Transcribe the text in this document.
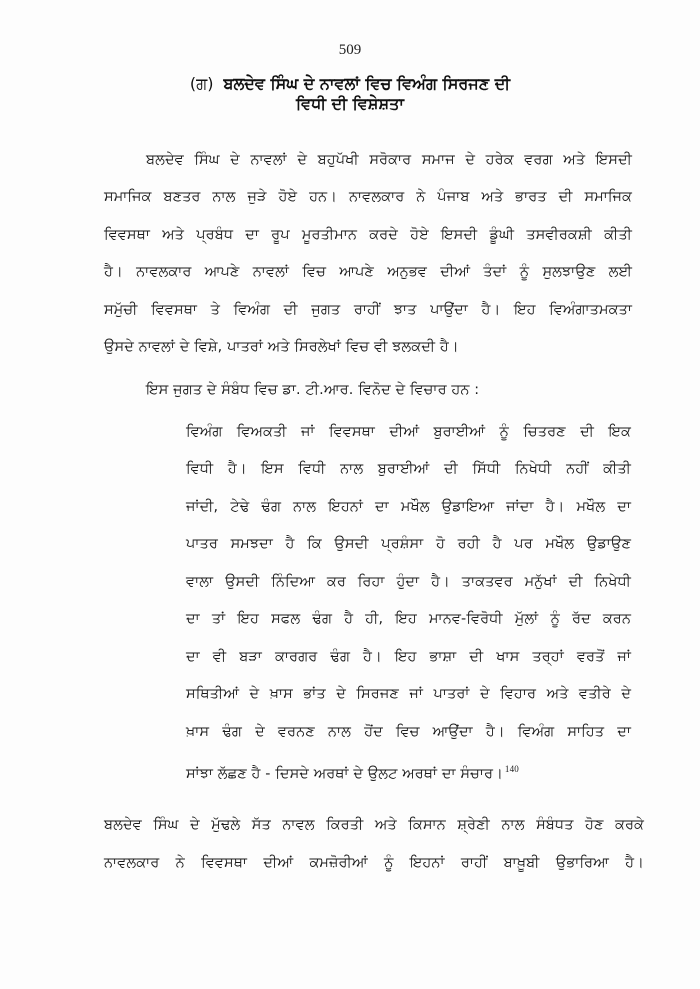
509
(ਗ) ਬਲਦੇਵ ਸਿੰਘ ਦੇ ਨਾਵਲਾਂ ਵਿਚ ਵਿਅੰਗ ਸਿਰਜਣ ਦੀ
ਵਿਧੀ ਦੀ ਵਿਸ਼ੇਸ਼ਤਾ
ਬਲਦੇਵ ਸਿੰਘ ਦੇ ਨਾਵਲਾਂ ਦੇ ਬਹੁਪੱਖੀ ਸਰੋਕਾਰ ਸਮਾਜ ਦੇ ਹਰੇਕ ਵਰਗ ਅਤੇ ਇਸਦੀ
ਸਮਾਜਿਕ ਬਣਤਰ ਨਾਲ ਜੁੜੇ ਹੋਏ ਹਨ। ਨਾਵਲਕਾਰ ਨੇ ਪੰਜਾਬ ਅਤੇ ਭਾਰਤ ਦੀ ਸਮਾਜਿਕ
ਵਿਵਸਥਾ ਅਤੇ ਪ੍ਰਬੰਧ ਦਾ ਰੂਪ ਮੂਰਤੀਮਾਨ ਕਰਦੇ ਹੋਏ ਇਸਦੀ ਡੂੰਘੀ ਤਸਵੀਰਕਸ਼ੀ ਕੀਤੀ
ਹੈ। ਨਾਵਲਕਾਰ ਆਪਣੇ ਨਾਵਲਾਂ ਵਿਚ ਆਪਣੇ ਅਨੁਭਵ ਦੀਆਂ ਤੰਦਾਂ ਨੂੰ ਸੁਲਝਾਉਣ ਲਈ
ਸਮੁੱਚੀ ਵਿਵਸਥਾ ਤੇ ਵਿਅੰਗ ਦੀ ਜੁਗਤ ਰਾਹੀਂ ਝਾਤ ਪਾਉਂਦਾ ਹੈ। ਇਹ ਵਿਅੰਗਾਤਮਕਤਾ
ਉਸਦੇ ਨਾਵਲਾਂ ਦੇ ਵਿਸ਼ੇ, ਪਾਤਰਾਂ ਅਤੇ ਸਿਰਲੇਖਾਂ ਵਿਚ ਵੀ ਝਲਕਦੀ ਹੈ।
ਇਸ ਜੁਗਤ ਦੇ ਸੰਬੰਧ ਵਿਚ ਡਾ. ਟੀ.ਆਰ. ਵਿਨੋਦ ਦੇ ਵਿਚਾਰ ਹਨ :
ਵਿਅੰਗ ਵਿਅਕਤੀ ਜਾਂ ਵਿਵਸਥਾ ਦੀਆਂ ਬੁਰਾਈਆਂ ਨੂੰ ਚਿਤਰਣ ਦੀ ਇਕ
ਵਿਧੀ ਹੈ। ਇਸ ਵਿਧੀ ਨਾਲ ਬੁਰਾਈਆਂ ਦੀ ਸਿੱਧੀ ਨਿਖੇਧੀ ਨਹੀਂ ਕੀਤੀ
ਜਾਂਦੀ, ਟੇਢੇ ਢੰਗ ਨਾਲ ਇਹਨਾਂ ਦਾ ਮਖੌਲ ਉਡਾਇਆ ਜਾਂਦਾ ਹੈ। ਮਖੌਲ ਦਾ
ਪਾਤਰ ਸਮਝਦਾ ਹੈ ਕਿ ਉਸਦੀ ਪ੍ਰਸ਼ੰਸਾ ਹੋ ਰਹੀ ਹੈ ਪਰ ਮਖੌਲ ਉਡਾਉਣ
ਵਾਲਾ ਉਸਦੀ ਨਿੰਦਿਆ ਕਰ ਰਿਹਾ ਹੁੰਦਾ ਹੈ। ਤਾਕਤਵਰ ਮਨੁੱਖਾਂ ਦੀ ਨਿਖੇਧੀ
ਦਾ ਤਾਂ ਇਹ ਸਫਲ ਢੰਗ ਹੈ ਹੀ, ਇਹ ਮਾਨਵ-ਵਿਰੋਧੀ ਮੁੱਲਾਂ ਨੂੰ ਰੱਦ ਕਰਨ
ਦਾ ਵੀ ਬੜਾ ਕਾਰਗਰ ਢੰਗ ਹੈ। ਇਹ ਭਾਸ਼ਾ ਦੀ ਖਾਸ ਤਰ੍ਹਾਂ ਵਰਤੋਂ ਜਾਂ
ਸਥਿਤੀਆਂ ਦੇ ਖ਼ਾਸ ਭਾਂਤ ਦੇ ਸਿਰਜਣ ਜਾਂ ਪਾਤਰਾਂ ਦੇ ਵਿਹਾਰ ਅਤੇ ਵਤੀਰੇ ਦੇ
ਖ਼ਾਸ ਢੰਗ ਦੇ ਵਰਨਣ ਨਾਲ ਹੋਂਦ ਵਿਚ ਆਉਂਦਾ ਹੈ। ਵਿਅੰਗ ਸਾਹਿਤ ਦਾ
ਸਾਂਝਾ ਲੱਛਣ ਹੈ - ਦਿਸਦੇ ਅਰਥਾਂ ਦੇ ਉਲਟ ਅਰਥਾਂ ਦਾ ਸੰਚਾਰ। $^{140}$
ਬਲਦੇਵ ਸਿੰਘ ਦੇ ਮੁੱਢਲੇ ਸੱਤ ਨਾਵਲ ਕਿਰਤੀ ਅਤੇ ਕਿਸਾਨ ਸ਼੍ਰੇਣੀ ਨਾਲ ਸੰਬੰਧਤ ਹੋਣ ਕਰਕੇ
ਨਾਵਲਕਾਰ ਨੇ ਵਿਵਸਥਾ ਦੀਆਂ ਕਮਜ਼ੋਰੀਆਂ ਨੂੰ ਇਹਨਾਂ ਰਾਹੀਂ ਬਾਖ਼ੂਬੀ ਉਭਾਰਿਆ ਹੈ।
